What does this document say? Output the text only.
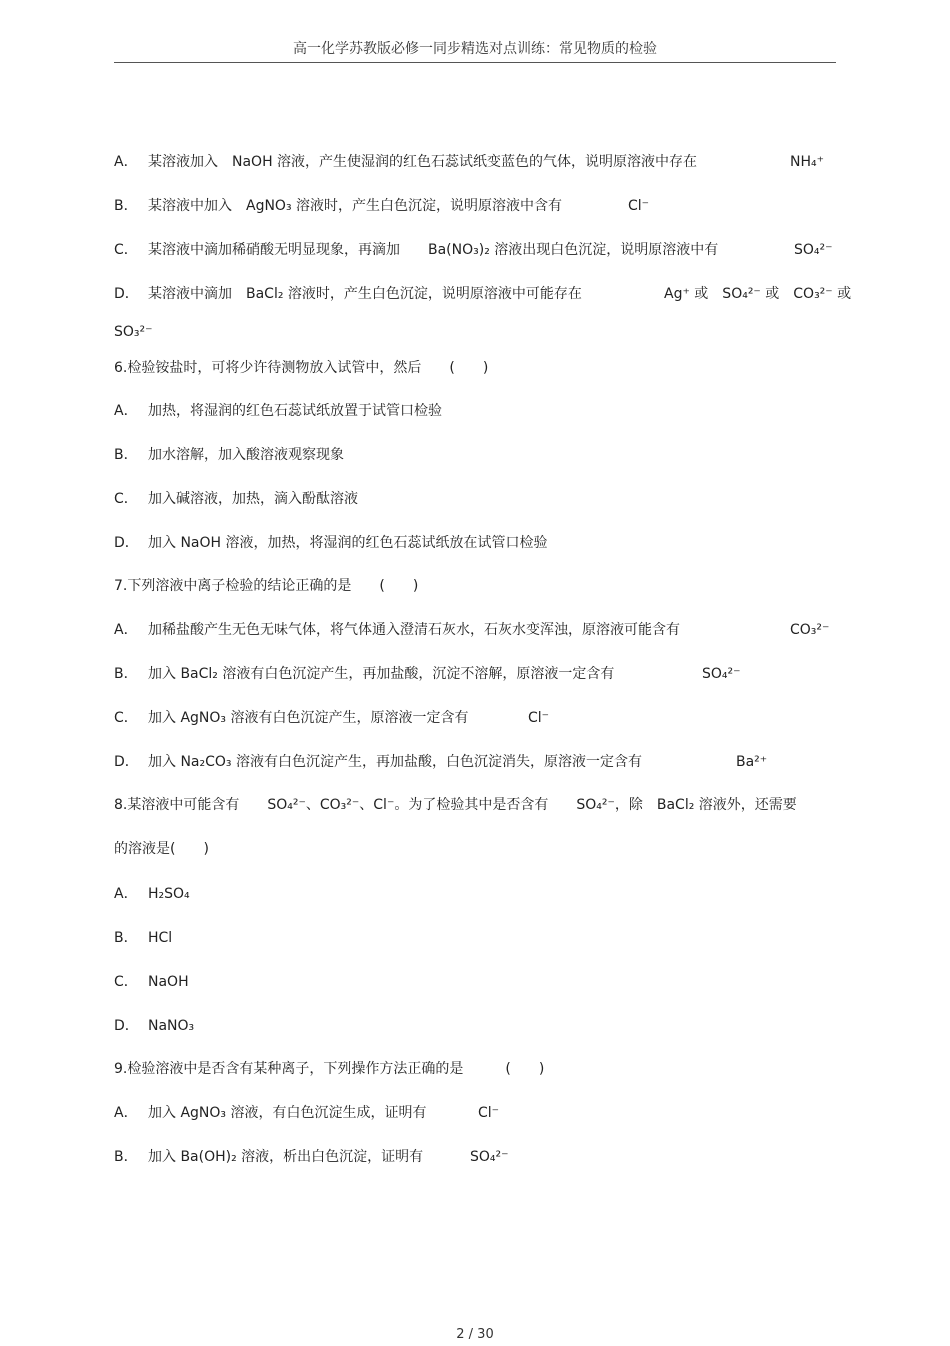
高一化学苏教版必修一同步精选对点训练：常见物质的检验
A． 某溶液加入　NaOH 溶液，产生使湿润的红色石蕊试纸变蓝色的气体，说明原溶液中存在	NH₄⁺
B． 某溶液中加入　AgNO₃ 溶液时，产生白色沉淀，说明原溶液中含有	Cl⁻
C． 某溶液中滴加稀硝酸无明显现象，再滴加　　Ba(NO₃)₂ 溶液出现白色沉淀，说明原溶液中有	SO₄²⁻
D． 某溶液中滴加　BaCl₂ 溶液时，产生白色沉淀，说明原溶液中可能存在	Ag⁺ 或　SO₄²⁻ 或　CO₃²⁻ 或
SO₃²⁻
6.检验铵盐时，可将少许待测物放入试管中，然后　　(　　)
A． 加热，将湿润的红色石蕊试纸放置于试管口检验
B． 加水溶解，加入酸溶液观察现象
C． 加入碱溶液，加热，滴入酚酞溶液
D． 加入 NaOH 溶液，加热，将湿润的红色石蕊试纸放在试管口检验
7.下列溶液中离子检验的结论正确的是　　(　　)
A． 加稀盐酸产生无色无味气体，将气体通入澄清石灰水，石灰水变浑浊，原溶液可能含有	CO₃²⁻
B． 加入 BaCl₂ 溶液有白色沉淀产生，再加盐酸，沉淀不溶解，原溶液一定含有	SO₄²⁻
C． 加入 AgNO₃ 溶液有白色沉淀产生，原溶液一定含有	Cl⁻
D． 加入 Na₂CO₃ 溶液有白色沉淀产生，再加盐酸，白色沉淀消失，原溶液一定含有	Ba²⁺
8.某溶液中可能含有　　SO₄²⁻、CO₃²⁻、Cl⁻。为了检验其中是否含有　　SO₄²⁻，除　BaCl₂ 溶液外，还需要
的溶液是(　　)
A． H₂SO₄
B． HCl
C． NaOH
D． NaNO₃
9.检验溶液中是否含有某种离子，下列操作方法正确的是　　　(　　)
A． 加入 AgNO₃ 溶液，有白色沉淀生成，证明有	Cl⁻
B． 加入 Ba(OH)₂ 溶液，析出白色沉淀，证明有	SO₄²⁻
2 / 30
